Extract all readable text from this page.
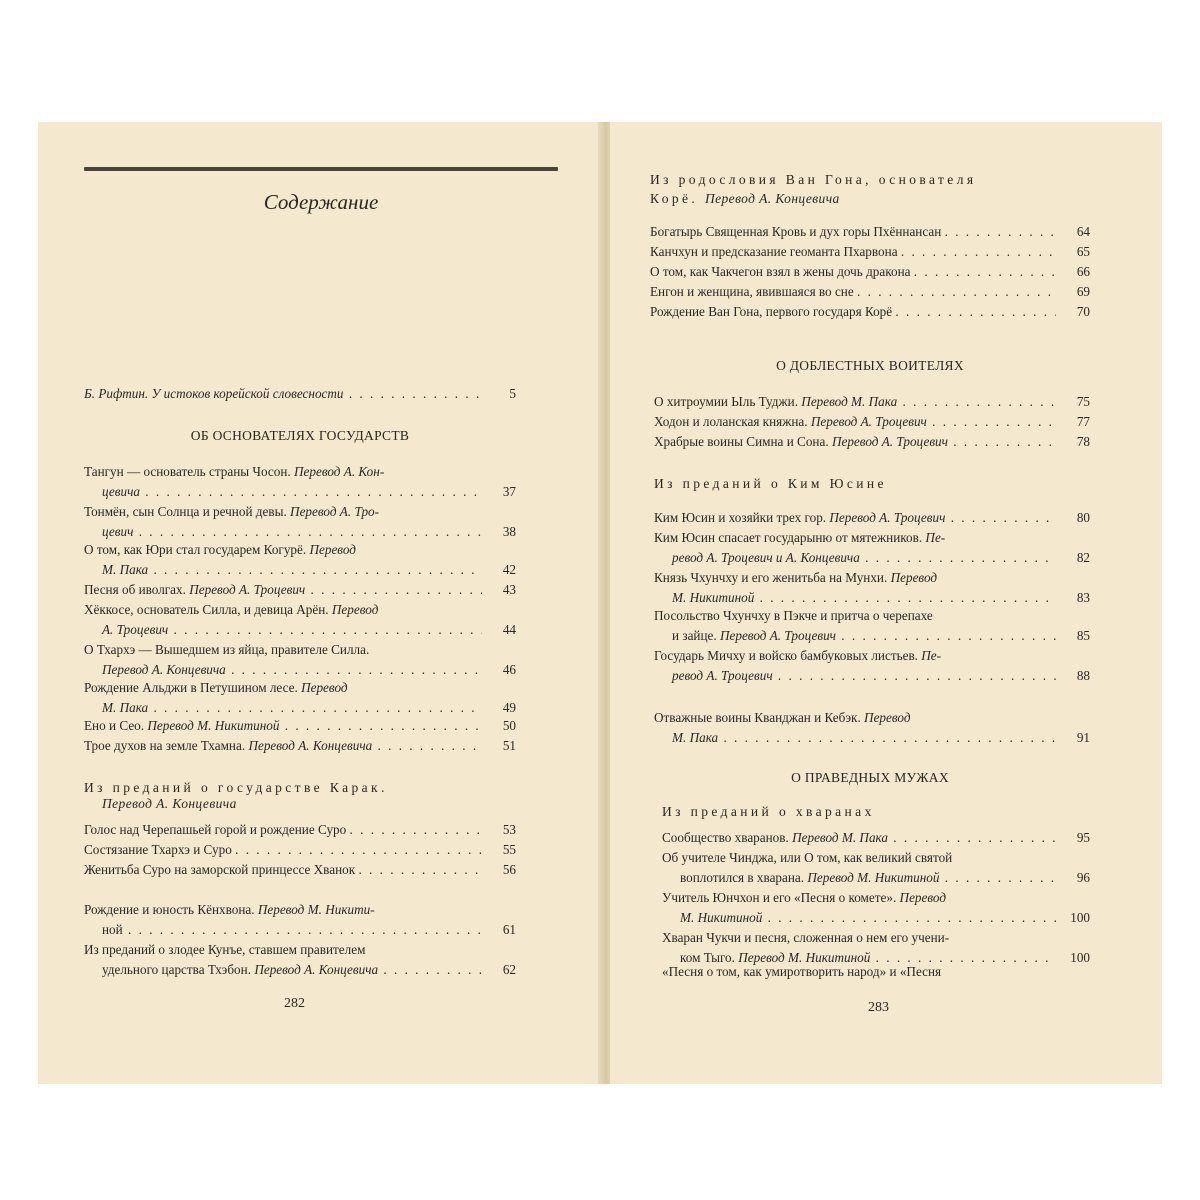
Содержание
Б. Рифтин. У истоков корейской словесности . . .	5
ОБ ОСНОВАТЕЛЯХ ГОСУДАРСТВ
Тангун — основатель страны Чосон. Перевод А. Кон-
цевича . . .	37
Тонмён, сын Солнца и речной девы. Перевод А. Тро-
цевич . . .	38
О том, как Юри стал государем Когурё. Перевод
М. Пака . . .	42
Песня об иволгах. Перевод А. Троцевич . . .	43
Хёккосе, основатель Силла, и девица Арён. Перевод
А. Троцевич . . .	44
О Тхархэ — Вышедшем из яйца, правителе Силла.
Перевод А. Концевича . . .	46
Рождение Альджи в Петушином лесе. Перевод
М. Пака . . .	49
Ено и Сео. Перевод М. Никитиной . . .	50
Трое духов на земле Тхамна. Перевод А. Концевича . . .	51
Из преданий о государстве Карак.
Перевод А. Концевича
Голос над Черепашьей горой и рождение Суро . . .	53
Состязание Тхархэ и Суро . . .	55
Женитьба Суро на заморской принцессе Хванок . . .	56
Рождение и юность Кёнхвона. Перевод М. Никити-
ной . . .	61
Из преданий о злодее Кунъе, ставшем правителем
удельного царства Тхэбон. Перевод А. Концевича . . .	62
282
Из родословия Ван Гона, основателя
Корё. Перевод А. Концевича
Богатырь Священная Кровь и дух горы Пхённансан . . .	64
Канчхун и предсказание геоманта Пхарвона . . .	65
О том, как Чакчегон взял в жены дочь дракона . . .	66
Енгон и женщина, явившаяся во сне . . .	69
Рождение Ван Гона, первого государя Корё . . .	70
О ДОБЛЕСТНЫХ ВОИТЕЛЯХ
О хитроумии Ыль Туджи. Перевод М. Пака . . .	75
Ходон и лоланская княжна. Перевод А. Троцевич . . .	77
Храбрые воины Симна и Сона. Перевод А. Троцевич . . .	78
Из преданий о Ким Юсине
Ким Юсин и хозяйки трех гор. Перевод А. Троцевич . . .	80
Ким Юсин спасает государыню от мятежников. Пе-
ревод А. Троцевич и А. Концевича . . .	82
Князь Чхунчху и его женитьба на Мунхи. Перевод
М. Никитиной . . .	83
Посольство Чхунчху в Пэкче и притча о черепахе
и зайце. Перевод А. Троцевич . . .	85
Государь Мичху и войско бамбуковых листьев. Пе-
ревод А. Троцевич . . .	88
Отважные воины Кванджан и Кебэк. Перевод
М. Пака . . .	91
О ПРАВЕДНЫХ МУЖАХ
Из преданий о хваранах
Сообщество хваранов. Перевод М. Пака . . .	95
Об учителе Чинджа, или О том, как великий святой
воплотился в хварана. Перевод М. Никитиной . . .	96
Учитель Юнчхон и его «Песня о комете». Перевод
М. Никитиной . . .	100
Хваран Чукчи и песня, сложенная о нем его учени-
ком Тыго. Перевод М. Никитиной . . .	100
«Песня о том, как умиротворить народ» и «Песня
283
